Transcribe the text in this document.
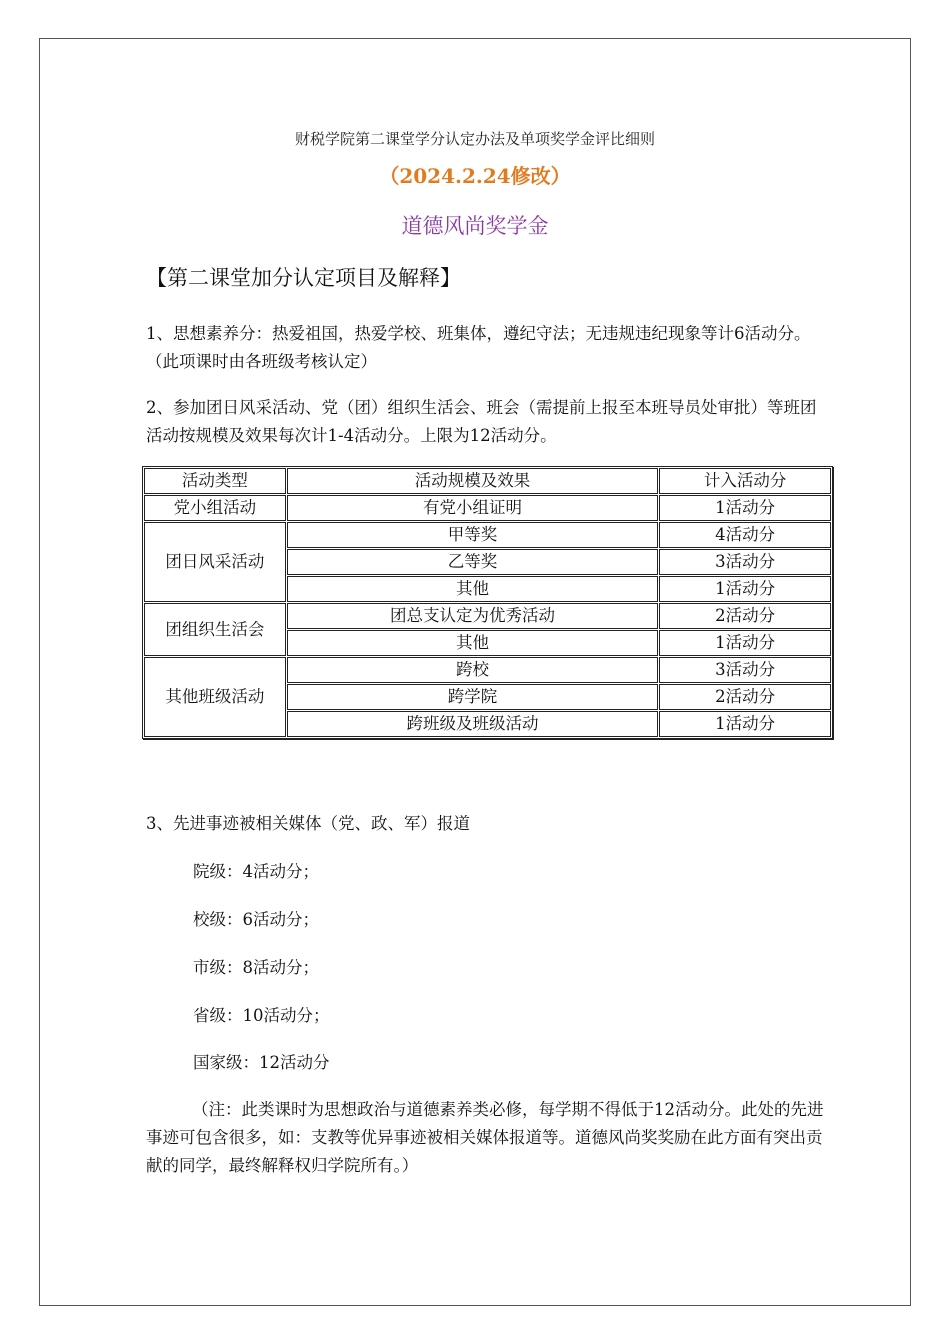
财税学院第二课堂学分认定办法及单项奖学金评比细则

（2024.2.24修改）

道德风尚奖学金

【第二课堂加分认定项目及解释】

1、思想素养分：热爱祖国，热爱学校、班集体，遵纪守法；无违规违纪现象等计6活动分。（此项课时由各班级考核认定）

2、参加团日风采活动、党（团）组织生活会、班会（需提前上报至本班导员处审批）等班团活动按规模及效果每次计1-4活动分。上限为12活动分。

活动类型	活动规模及效果	计入活动分
党小组活动	有党小组证明	1活动分
团日风采活动	甲等奖	4活动分
	乙等奖	3活动分
	其他	1活动分
团组织生活会	团总支认定为优秀活动	2活动分
	其他	1活动分
其他班级活动	跨校	3活动分
	跨学院	2活动分
	跨班级及班级活动	1活动分

3、先进事迹被相关媒体（党、政、军）报道

院级：4活动分；

校级：6活动分；

市级：8活动分；

省级：10活动分；

国家级：12活动分

（注：此类课时为思想政治与道德素养类必修，每学期不得低于12活动分。此处的先进事迹可包含很多，如：支教等优异事迹被相关媒体报道等。道德风尚奖奖励在此方面有突出贡献的同学，最终解释权归学院所有。）
